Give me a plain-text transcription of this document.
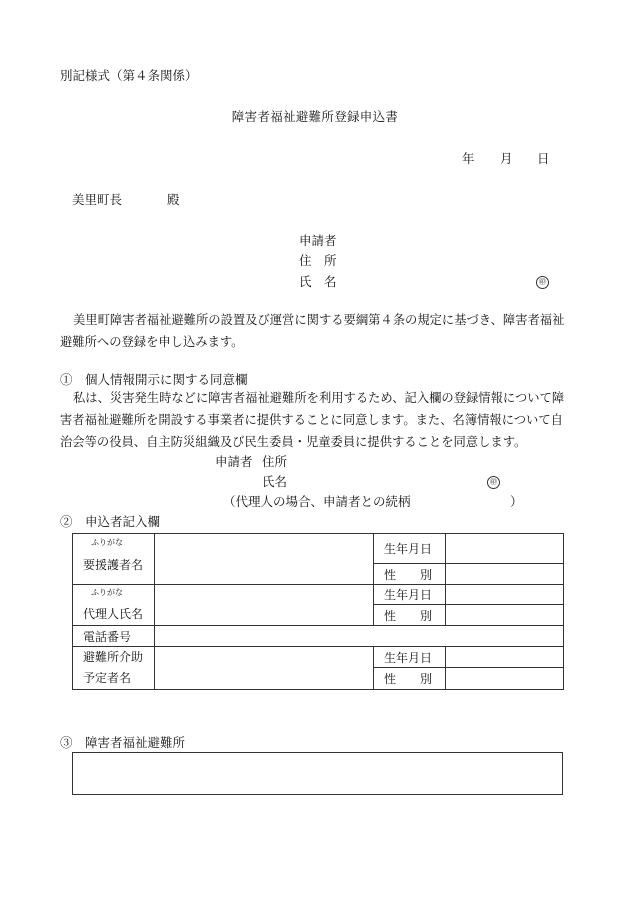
別記様式（第４条関係）
障害者福祉避難所登録申込書
年 月 日
美里町長	殿
申請者
住　所
氏　名	㊞
美里町障害者福祉避難所の設置及び運営に関する要綱第４条の規定に基づき、障害者福祉避難所への登録を申し込みます。
①　個人情報開示に関する同意欄
私は、災害発生時などに障害者福祉避難所を利用するため、記入欄の登録情報について障害者福祉避難所を開設する事業者に提供することに同意します。また、名簿情報について自治会等の役員、自主防災組織及び民生委員・児童委員に提供することを同意します。
申請者 住所
氏名	㊞
（代理人の場合、申請者との続柄	）
②　申込者記入欄
ふりがな
要援護者名		生年月日	
		性　　別	

ふりがな
代理人氏名		生年月日	
		性　　別	
電話番号			

避難所介助
予定者名		生年月日	
		性　　別	
③　障害者福祉避難所
